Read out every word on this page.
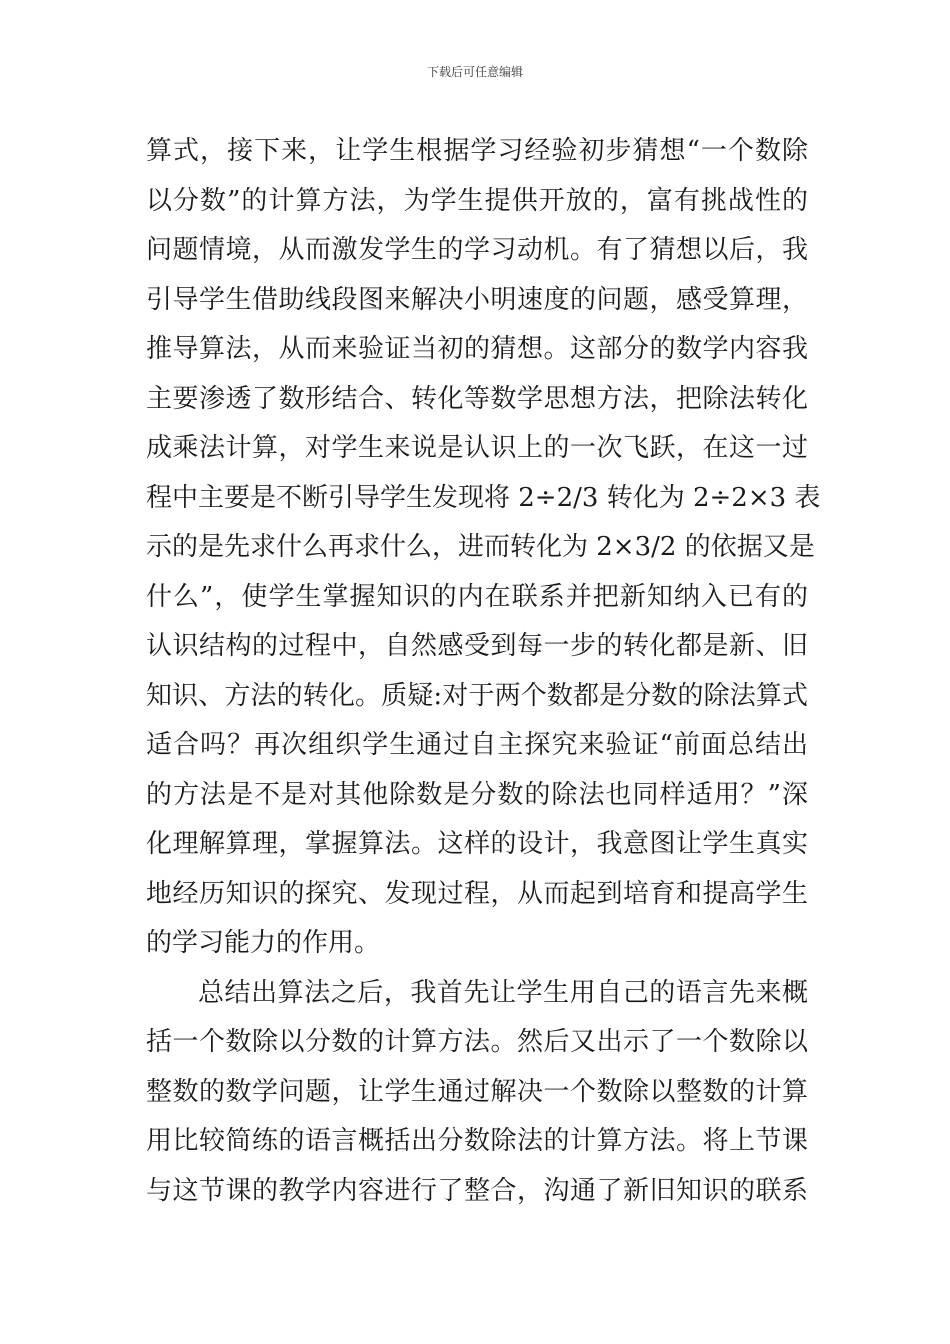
下载后可任意编辑
算式，接下来，让学生根据学习经验初步猜想“一个数除
以分数”的计算方法，为学生提供开放的，富有挑战性的
问题情境，从而激发学生的学习动机。有了猜想以后，我
引导学生借助线段图来解决小明速度的问题，感受算理，
推导算法，从而来验证当初的猜想。这部分的数学内容我
主要渗透了数形结合、转化等数学思想方法，把除法转化
成乘法计算，对学生来说是认识上的一次飞跃，在这一过
程中主要是不断引导学生发现将 2÷2/3 转化为 2÷2×3 表
示的是先求什么再求什么，进而转化为 2×3/2 的依据又是
什么”，使学生掌握知识的内在联系并把新知纳入已有的
认识结构的过程中，自然感受到每一步的转化都是新、旧
知识、方法的转化。质疑:对于两个数都是分数的除法算式
适合吗？再次组织学生通过自主探究来验证“前面总结出
的方法是不是对其他除数是分数的除法也同样适用？”深
化理解算理，掌握算法。这样的设计，我意图让学生真实
地经历知识的探究、发现过程，从而起到培育和提高学生
的学习能力的作用。
总结出算法之后，我首先让学生用自己的语言先来概
括一个数除以分数的计算方法。然后又出示了一个数除以
整数的数学问题，让学生通过解决一个数除以整数的计算
用比较简练的语言概括出分数除法的计算方法。将上节课
与这节课的教学内容进行了整合，沟通了新旧知识的联系
